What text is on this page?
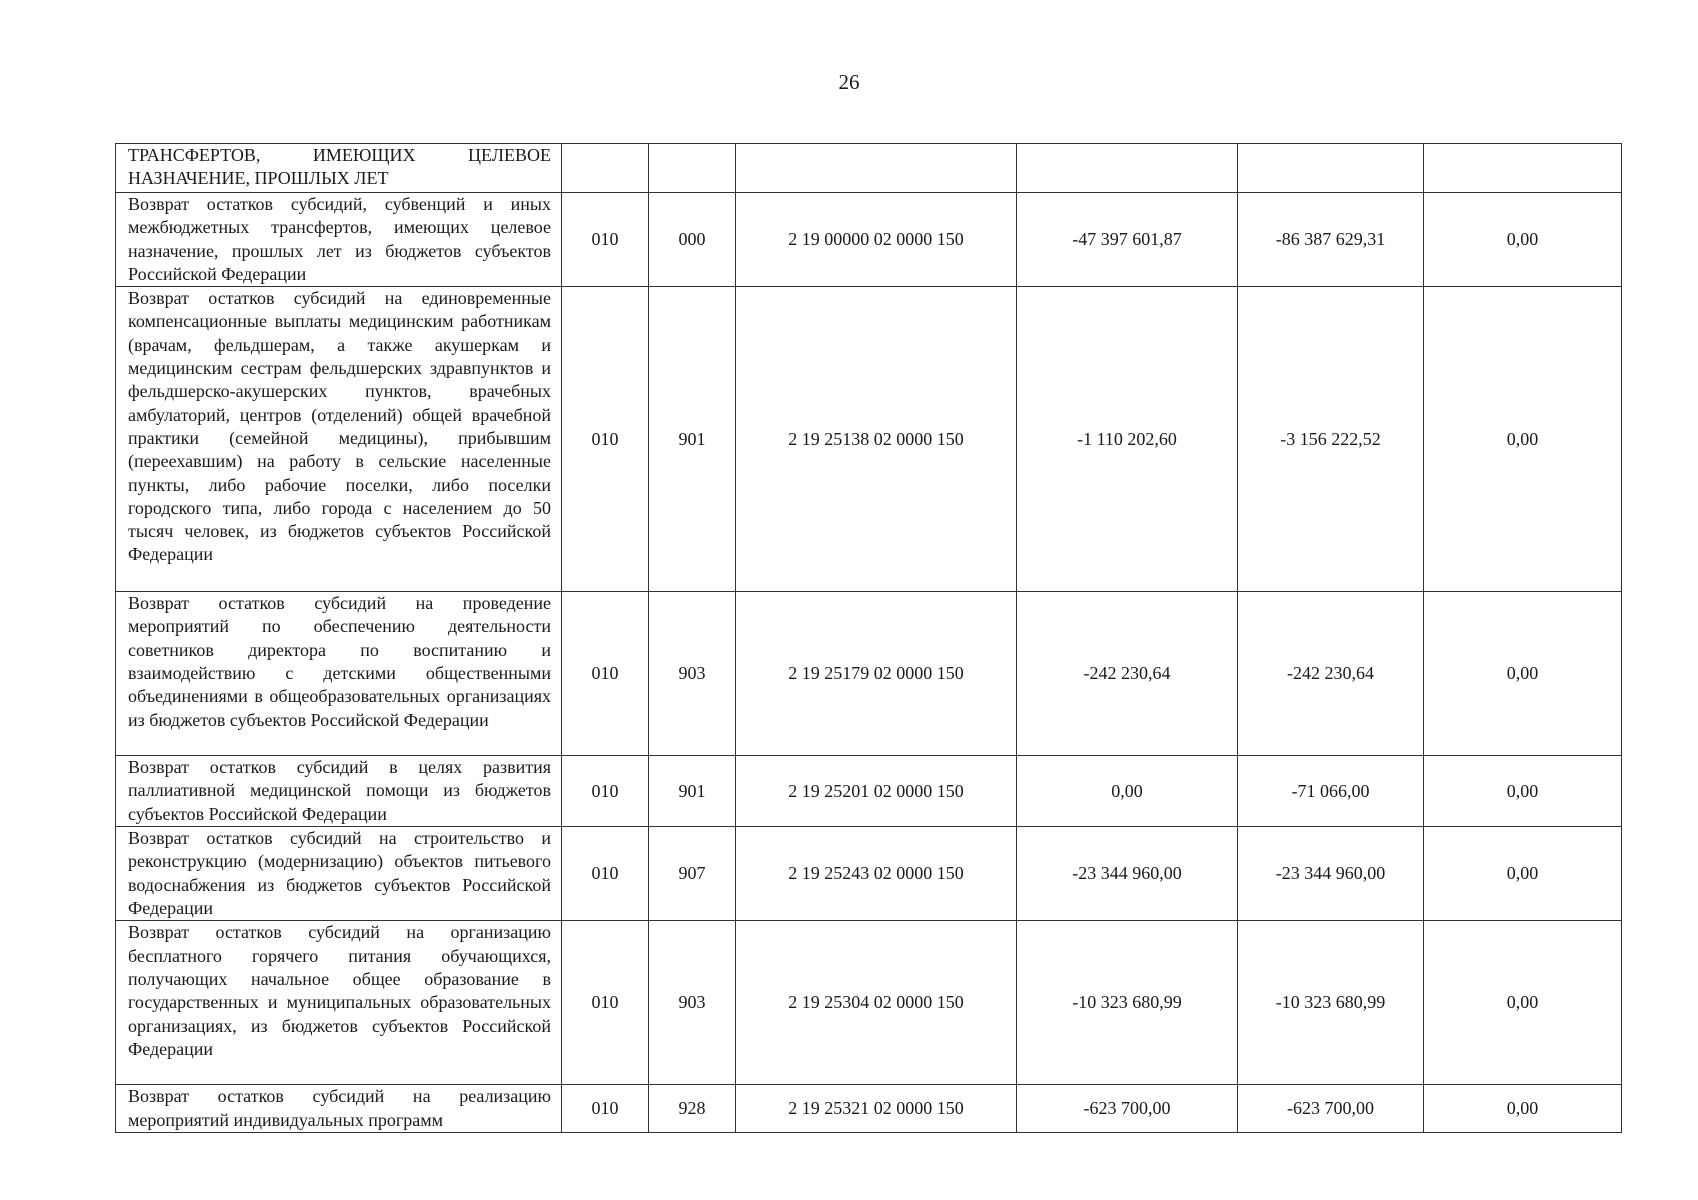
26
ТРАНСФЕРТОВ, ИМЕЮЩИХ ЦЕЛЕВОЕ НАЗНАЧЕНИЕ, ПРОШЛЫХ ЛЕТ						
Возврат остатков субсидий, субвенций и иных межбюджетных трансфертов, имеющих целевое назначение, прошлых лет из бюджетов субъектов Российской Федерации	010	000	2 19 00000 02 0000 150	-47 397 601,87	-86 387 629,31	0,00
Возврат остатков субсидий на единовременные компенсационные выплаты медицинским работникам (врачам, фельдшерам, а также акушеркам и медицинским сестрам фельдшерских здравпунктов и фельдшерско-акушерских пунктов, врачебных амбулаторий, центров (отделений) общей врачебной практики (семейной медицины), прибывшим (переехавшим) на работу в сельские населенные пункты, либо рабочие поселки, либо поселки городского типа, либо города с населением до 50 тысяч человек, из бюджетов субъектов Российской Федерации	010	901	2 19 25138 02 0000 150	-1 110 202,60	-3 156 222,52	0,00
Возврат остатков субсидий на проведение мероприятий по обеспечению деятельности советников директора по воспитанию и взаимодействию с детскими общественными объединениями в общеобразовательных организациях из бюджетов субъектов Российской Федерации	010	903	2 19 25179 02 0000 150	-242 230,64	-242 230,64	0,00
Возврат остатков субсидий в целях развития паллиативной медицинской помощи из бюджетов субъектов Российской Федерации	010	901	2 19 25201 02 0000 150	0,00	-71 066,00	0,00
Возврат остатков субсидий на строительство и реконструкцию (модернизацию) объектов питьевого водоснабжения из бюджетов субъектов Российской Федерации	010	907	2 19 25243 02 0000 150	-23 344 960,00	-23 344 960,00	0,00
Возврат остатков субсидий на организацию бесплатного горячего питания обучающихся, получающих начальное общее образование в государственных и муниципальных образовательных организациях, из бюджетов субъектов Российской Федерации	010	903	2 19 25304 02 0000 150	-10 323 680,99	-10 323 680,99	0,00
Возврат остатков субсидий на реализацию мероприятий индивидуальных программ	010	928	2 19 25321 02 0000 150	-623 700,00	-623 700,00	0,00
